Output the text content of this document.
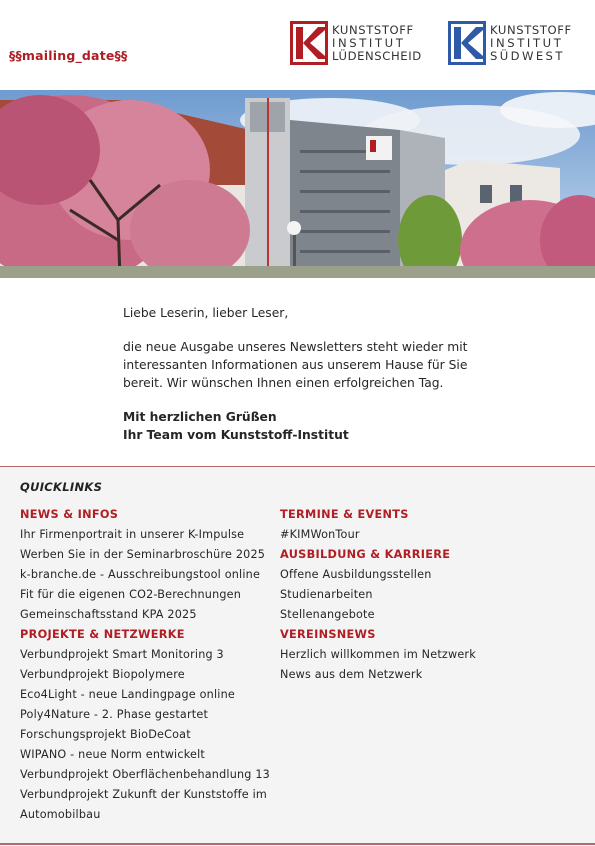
§§mailing_date§§
KUNSTSTOFF
INSTITUT
LÜDENSCHEID
KUNSTSTOFF
INSTITUT
SÜDWEST

Liebe Leserin, lieber Leser,

die neue Ausgabe unseres Newsletters steht wieder mit interessanten Informationen aus unserem Hause für Sie bereit. Wir wünschen Ihnen einen erfolgreichen Tag.

Mit herzlichen Grüßen

Ihr Team vom Kunststoff-Institut

QUICKLINKS
NEWS & INFOS
Ihr Firmenportrait in unserer K-Impulse
Werben Sie in der Seminarbroschüre 2025
k-branche.de - Ausschreibungstool online
Fit für die eigenen CO2-Berechnungen
Gemeinschaftsstand KPA 2025
PROJEKTE & NETZWERKE
Verbundprojekt Smart Monitoring 3
Verbundprojekt Biopolymere
Eco4Light - neue Landingpage online
Poly4Nature - 2. Phase gestartet
Forschungsprojekt BioDeCoat
WIPANO - neue Norm entwickelt
Verbundprojekt Oberflächenbehandlung 13
Verbundprojekt Zukunft der Kunststoffe im Automobilbau
TERMINE & EVENTS
#KIMWonTour
AUSBILDUNG & KARRIERE
Offene Ausbildungsstellen
Studienarbeiten
Stellenangebote
VEREINSNEWS
Herzlich willkommen im Netzwerk
News aus dem Netzwerk
